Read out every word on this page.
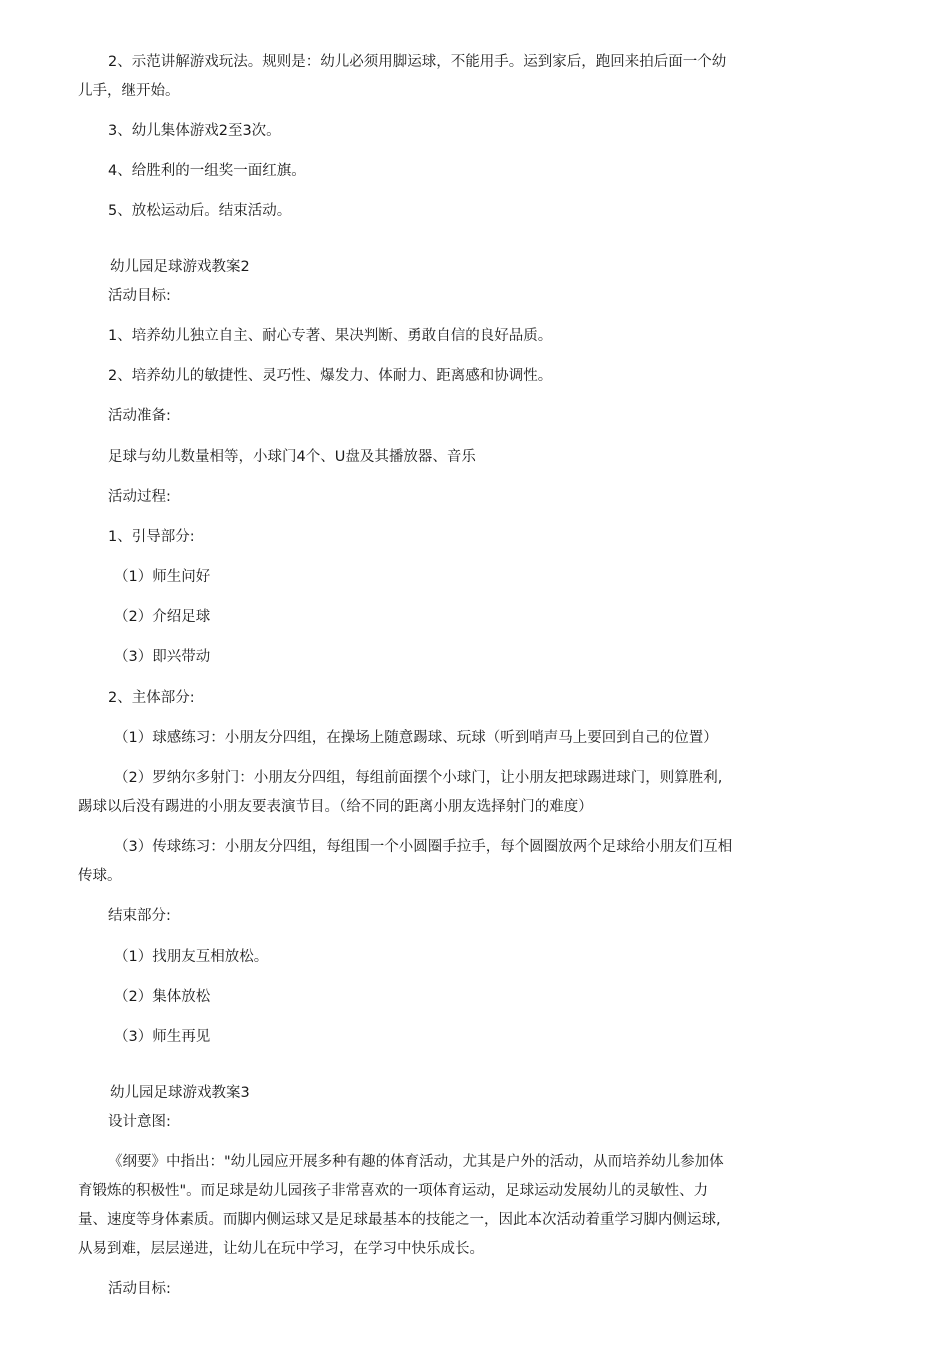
2、示范讲解游戏玩法。规则是：幼儿必须用脚运球，不能用手。运到家后，跑回来拍后面一个幼

儿手，继开始。

3、幼儿集体游戏2至3次。

4、给胜利的一组奖一面红旗。

5、放松运动后。结束活动。

幼儿园足球游戏教案2

活动目标:

1、培养幼儿独立自主、耐心专著、果决判断、勇敢自信的良好品质。

2、培养幼儿的敏捷性、灵巧性、爆发力、体耐力、距离感和协调性。

活动准备:

足球与幼儿数量相等，小球门4个、U盘及其播放器、音乐

活动过程:

1、引导部分:

（1）师生问好

（2）介绍足球

（3）即兴带动

2、主体部分:

（1）球感练习：小朋友分四组，在操场上随意踢球、玩球（听到哨声马上要回到自己的位置）

（2）罗纳尔多射门：小朋友分四组，每组前面摆个小球门，让小朋友把球踢进球门，则算胜利,

踢球以后没有踢进的小朋友要表演节目。（给不同的距离小朋友选择射门的难度）

（3）传球练习：小朋友分四组，每组围一个小圆圈手拉手，每个圆圈放两个足球给小朋友们互相

传球。

结束部分:

（1）找朋友互相放松。

（2）集体放松

（3）师生再见

幼儿园足球游戏教案3

设计意图:

《纲要》中指出："幼儿园应开展多种有趣的体育活动，尤其是户外的活动，从而培养幼儿参加体

育锻炼的积极性"。而足球是幼儿园孩子非常喜欢的一项体育运动，足球运动发展幼儿的灵敏性、力

量、速度等身体素质。而脚内侧运球又是足球最基本的技能之一，因此本次活动着重学习脚内侧运球,

从易到难，层层递进，让幼儿在玩中学习，在学习中快乐成长。

活动目标:
